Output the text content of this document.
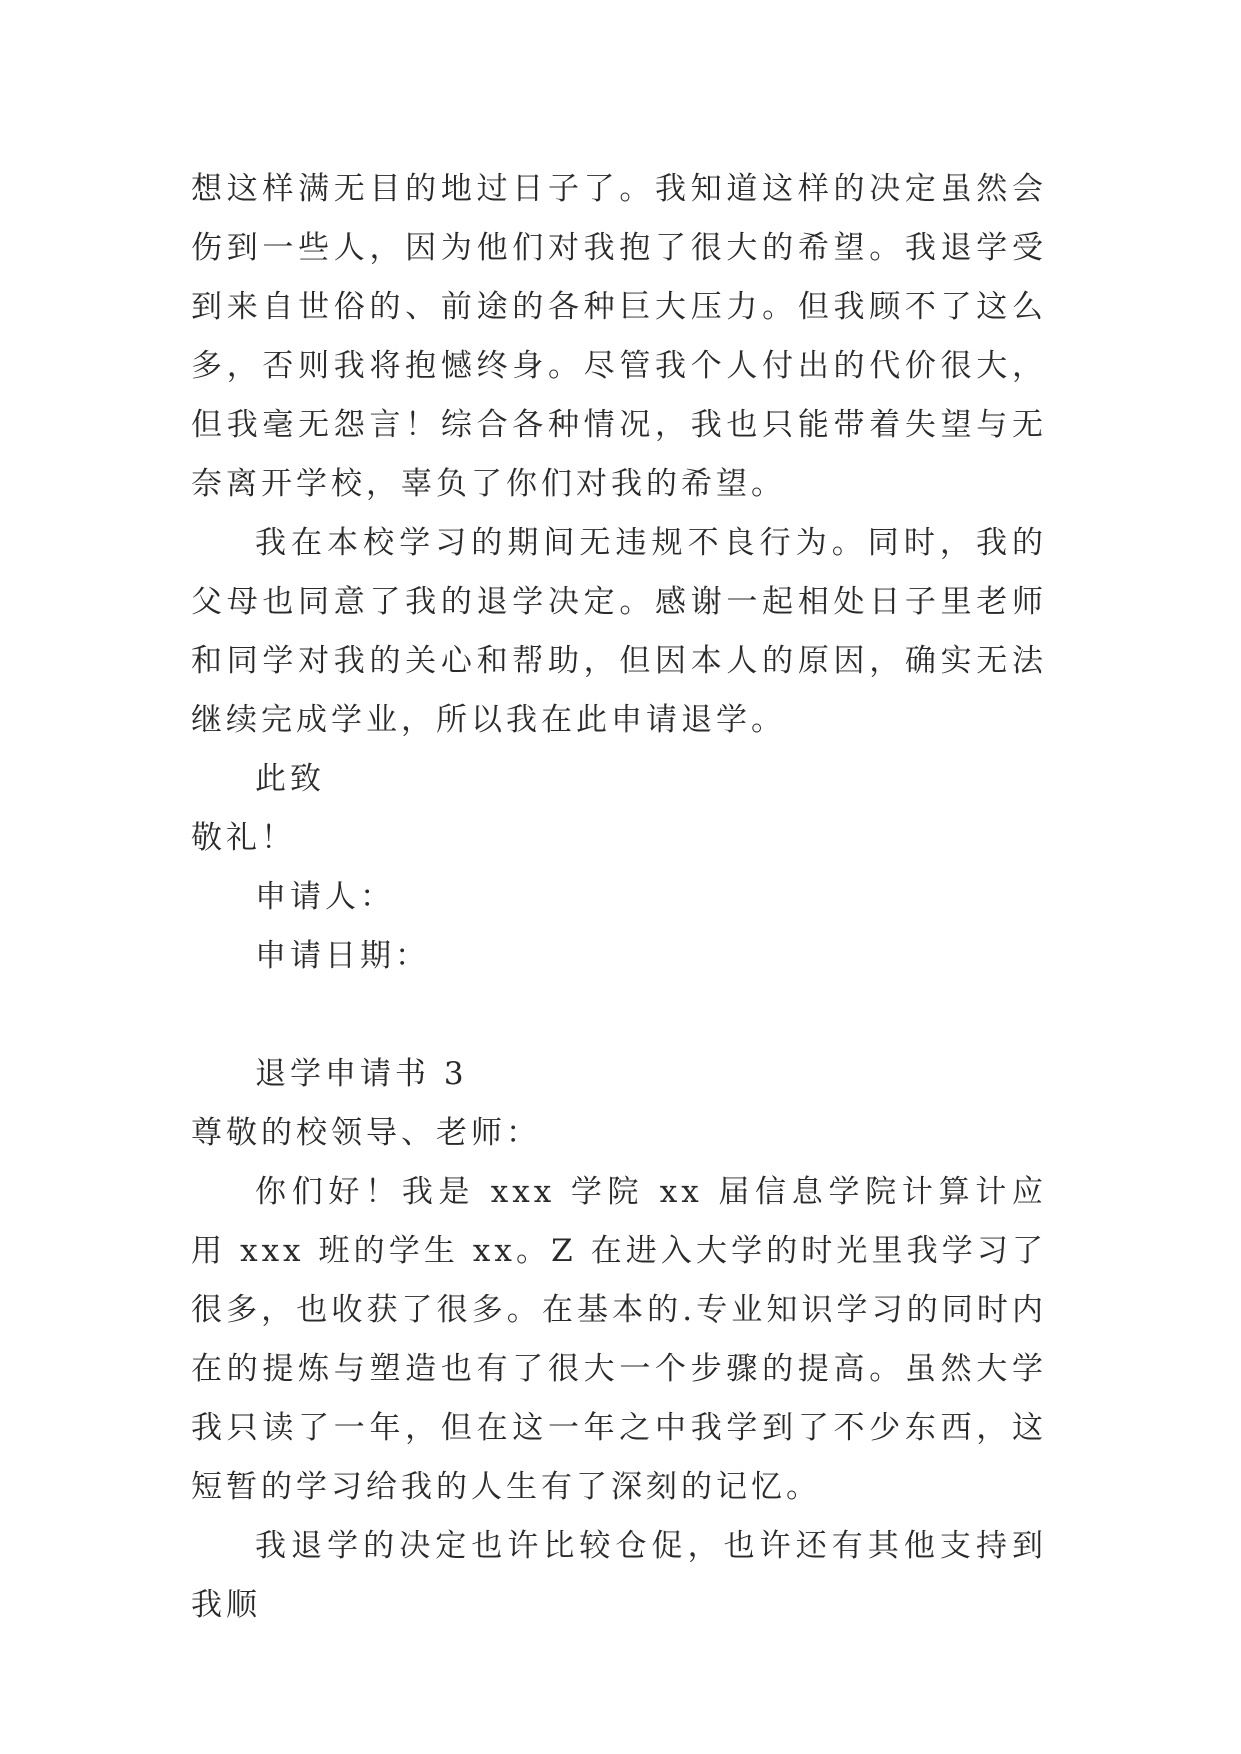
想这样满无目的地过日子了。我知道这样的决定虽然会伤到一些人，因为他们对我抱了很大的希望。我退学受到来自世俗的、前途的各种巨大压力。但我顾不了这么多，否则我将抱憾终身。尽管我个人付出的代价很大，但我毫无怨言！综合各种情况，我也只能带着失望与无奈离开学校，辜负了你们对我的希望。

我在本校学习的期间无违规不良行为。同时，我的父母也同意了我的退学决定。感谢一起相处日子里老师和同学对我的关心和帮助，但因本人的原因，确实无法继续完成学业，所以我在此申请退学。

此致

敬礼！

申请人：

申请日期：

退学申请书 3

尊敬的校领导、老师：

你们好！我是 xxx 学院 xx 届信息学院计算计应用 xxx 班的学生 xx。Z 在进入大学的时光里我学习了很多，也收获了很多。在基本的.专业知识学习的同时内在的提炼与塑造也有了很大一个步骤的提高。虽然大学我只读了一年，但在这一年之中我学到了不少东西，这短暂的学习给我的人生有了深刻的记忆。

我退学的决定也许比较仓促，也许还有其他支持到我顺
